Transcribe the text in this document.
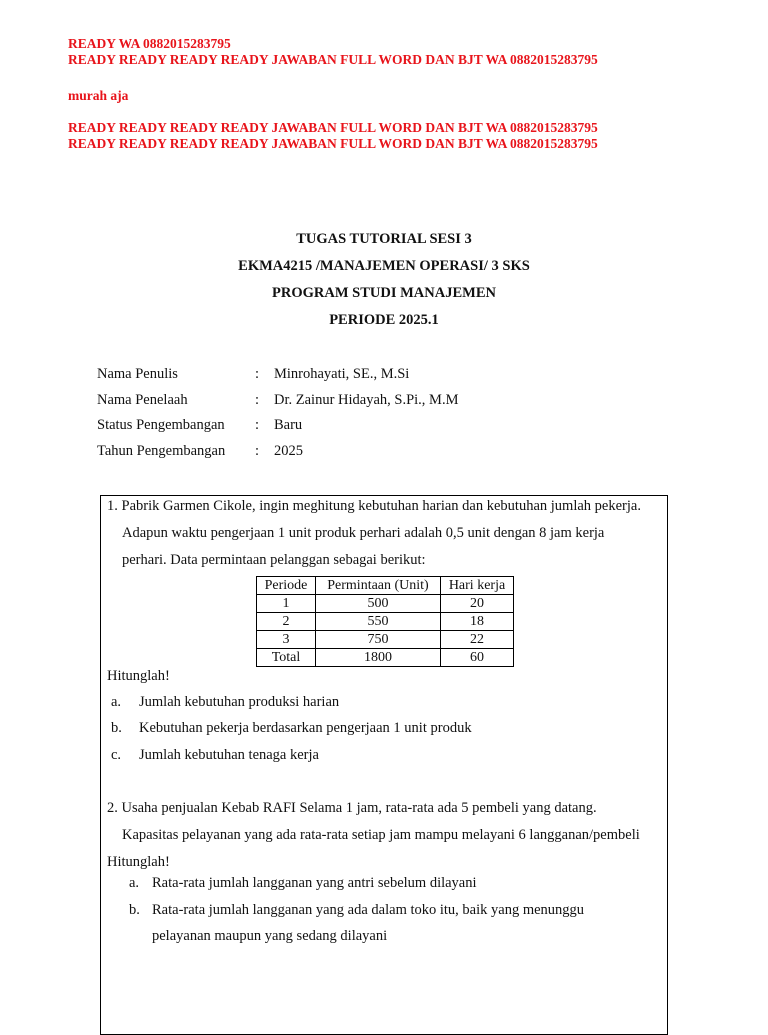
READY WA 0882015283795
READY READY READY READY JAWABAN FULL WORD DAN BJT WA 0882015283795
murah aja
READY READY READY READY JAWABAN FULL WORD DAN BJT WA 0882015283795
READY READY READY READY JAWABAN FULL WORD DAN BJT WA 0882015283795
TUGAS TUTORIAL SESI 3
EKMA4215 /MANAJEMEN OPERASI/ 3 SKS
PROGRAM STUDI MANAJEMEN
PERIODE 2025.1
Nama Penulis	:	Minrohayati, SE., M.Si
Nama Penelaah	:	Dr. Zainur Hidayah, S.Pi., M.M
Status Pengembangan	:	Baru
Tahun Pengembangan	:	2025
1. Pabrik Garmen Cikole, ingin meghitung kebutuhan harian dan kebutuhan jumlah pekerja.
Adapun waktu pengerjaan 1 unit produk perhari adalah 0,5 unit dengan 8 jam kerja
perhari. Data permintaan pelanggan sebagai berikut:
Periode	Permintaan (Unit)	Hari kerja
1	500	20
2	550	18
3	750	22
Total	1800	60
Hitunglah!
a.	Jumlah kebutuhan produksi harian
b.	Kebutuhan pekerja berdasarkan pengerjaan 1 unit produk
c.	Jumlah kebutuhan tenaga kerja
2. Usaha penjualan Kebab RAFI Selama 1 jam, rata-rata ada 5 pembeli yang datang.
Kapasitas pelayanan yang ada rata-rata setiap jam mampu melayani 6 langganan/pembeli
Hitunglah!
a. Rata-rata jumlah langganan yang antri sebelum dilayani
b. Rata-rata jumlah langganan yang ada dalam toko itu, baik yang menunggu
pelayanan maupun yang sedang dilayani
